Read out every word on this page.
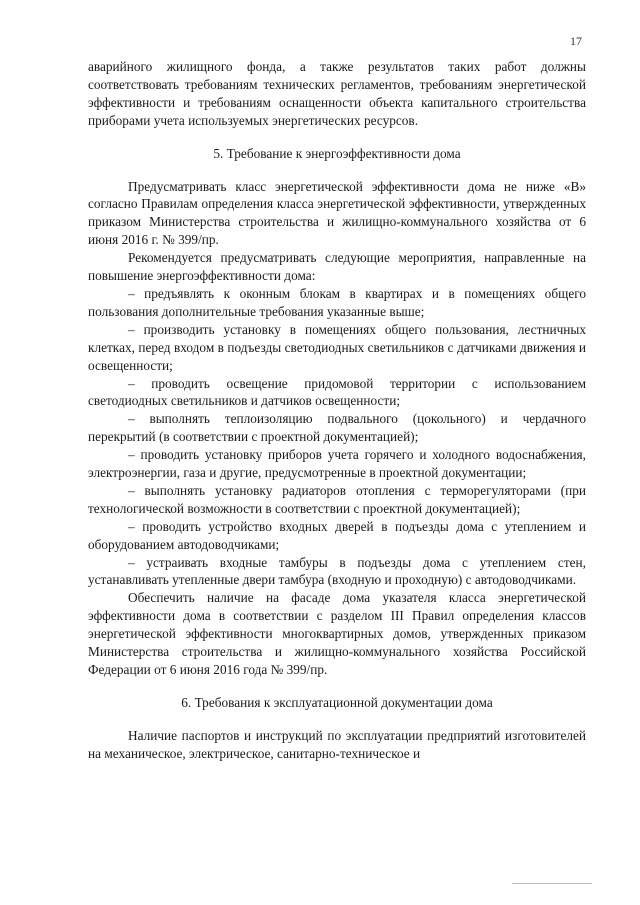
17

аварийного жилищного фонда, а также результатов таких работ должны соответствовать требованиям технических регламентов, требованиям энергетической эффективности и требованиям оснащенности объекта капитального строительства приборами учета используемых энергетических ресурсов.

5. Требование к энергоэффективности дома

Предусматривать класс энергетической эффективности дома не ниже «В» согласно Правилам определения класса энергетической эффективности, утвержденных приказом Министерства строительства и жилищно-коммунального хозяйства от 6 июня 2016 г. № 399/пр.

Рекомендуется предусматривать следующие мероприятия, направленные на повышение энергоэффективности дома:

– предъявлять к оконным блокам в квартирах и в помещениях общего пользования дополнительные требования указанные выше;

– производить установку в помещениях общего пользования, лестничных клетках, перед входом в подъезды светодиодных светильников с датчиками движения и освещенности;

– проводить освещение придомовой территории с использованием светодиодных светильников и датчиков освещенности;

– выполнять теплоизоляцию подвального (цокольного) и чердачного перекрытий (в соответствии с проектной документацией);

– проводить установку приборов учета горячего и холодного водоснабжения, электроэнергии, газа и другие, предусмотренные в проектной документации;

– выполнять установку радиаторов отопления с терморегуляторами (при технологической возможности в соответствии с проектной документацией);

– проводить устройство входных дверей в подъезды дома с утеплением и оборудованием автодоводчиками;

– устраивать входные тамбуры в подъезды дома с утеплением стен, устанавливать утепленные двери тамбура (входную и проходную) с автодоводчиками.

Обеспечить наличие на фасаде дома указателя класса энергетической эффективности дома в соответствии с разделом III Правил определения классов энергетической эффективности многоквартирных домов, утвержденных приказом Министерства строительства и жилищно-коммунального хозяйства Российской Федерации от 6 июня 2016 года № 399/пр.

6. Требования к эксплуатационной документации дома

Наличие паспортов и инструкций по эксплуатации предприятий изготовителей на механическое, электрическое, санитарно-техническое и
